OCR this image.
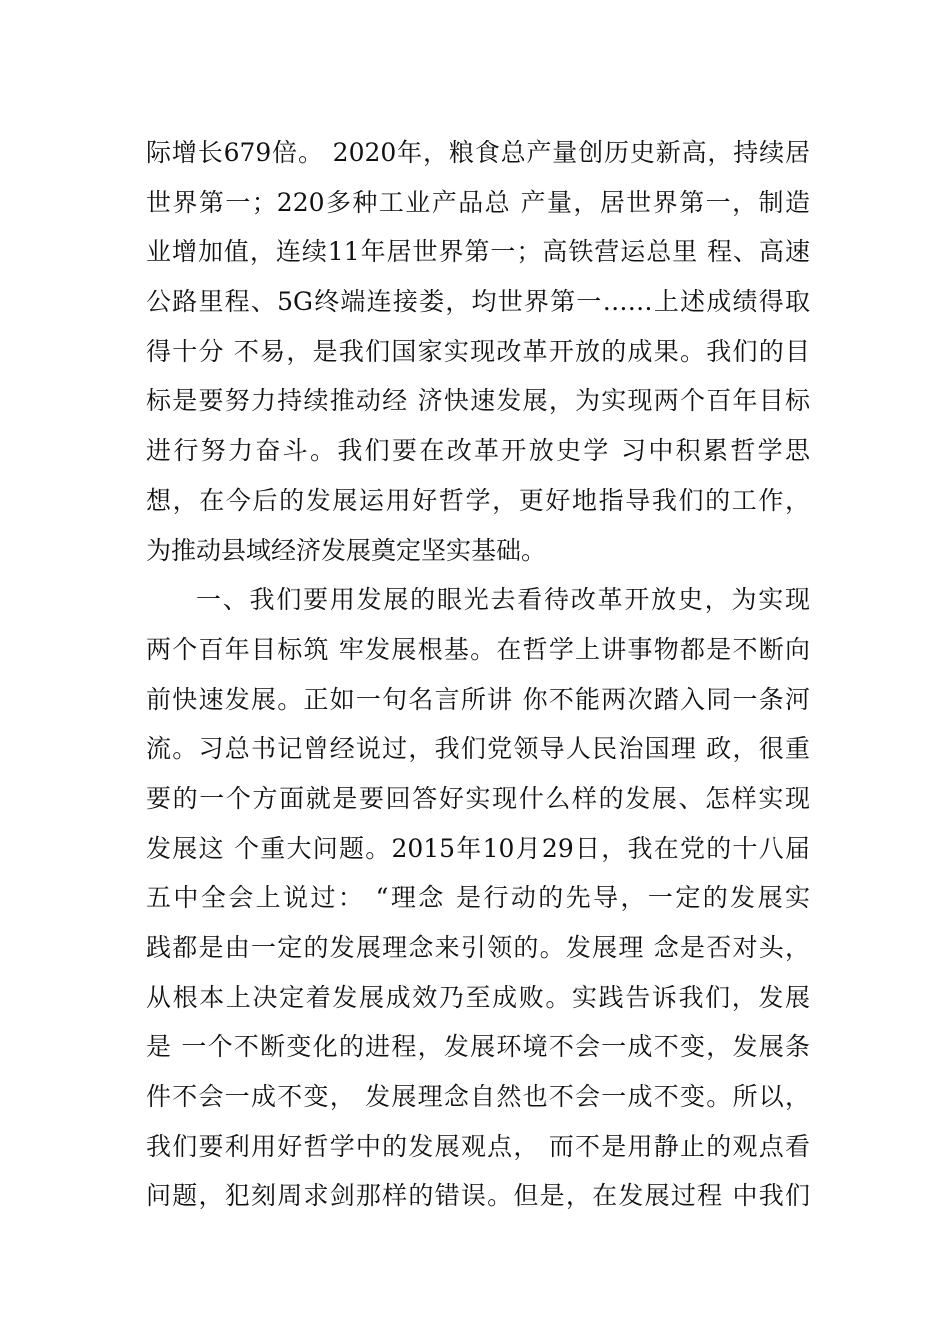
际增长679倍。 2020年，粮食总产量创历史新高，持续居
世界第一；220多种工业产品总 产量，居世界第一，制造
业增加值，连续11年居世界第一；高铁营运总里 程、高速
公路里程、5G终端连接娄，均世界第一……上述成绩得取
得十分 不易，是我们国家实现改革开放的成果。我们的目
标是要努力持续推动经 济快速发展，为实现两个百年目标
进行努力奋斗。我们要在改革开放史学 习中积累哲学思
想，在今后的发展运用好哲学，更好地指导我们的工作，
为推动县域经济发展奠定坚实基础。
一、我们要用发展的眼光去看待改革开放史，为实现
两个百年目标筑 牢发展根基。在哲学上讲事物都是不断向
前快速发展。正如一句名言所讲 你不能两次踏入同一条河
流。习总书记曾经说过，我们党领导人民治国理 政，很重
要的一个方面就是要回答好实现什么样的发展、怎样实现
发展这 个重大问题。2015年10月29日，我在党的十八届
五中全会上说过： “理念 是行动的先导，一定的发展实
践都是由一定的发展理念来引领的。发展理 念是否对头，
从根本上决定着发展成效乃至成败。实践告诉我们，发展
是 一个不断变化的进程，发展环境不会一成不变，发展条
件不会一成不变， 发展理念自然也不会一成不变。所以，
我们要利用好哲学中的发展观点， 而不是用静止的观点看
问题，犯刻周求剑那样的错误。但是，在发展过程 中我们
